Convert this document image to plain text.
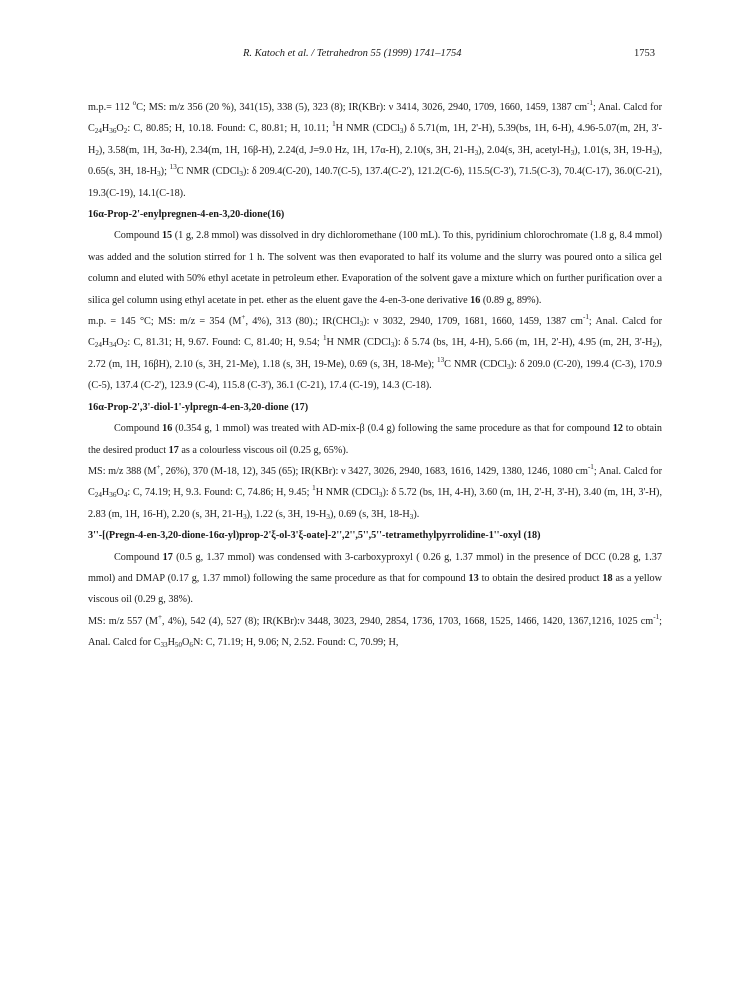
R. Katoch et al. / Tetrahedron 55 (1999) 1741–1754	1753

m.p.= 112 $^o$C; MS: m/z 356 (20 %), 341(15), 338 (5), 323 (8); IR(KBr): ν 3414, 3026, 2940, 1709, 1660, 1459, 1387 $cm^{-1}$; Anal. Calcd for $C_{24}H_{36}O_2$: C, 80.85; H, 10.18. Found: C, 80.81; H, 10.11; $^1$H NMR (CDCl$_3$) δ 5.71(m, 1H, 2'-H), 5.39(bs, 1H, 6-H), 4.96-5.07(m, 2H, $3'-H_2$), 3.58(m, 1H, 3α-H), 2.34(m, 1H, 16β-H), 2.24(d, J=9.0 Hz, 1H, 17α-H), 2.10(s, 3H, $21-H_3$), 2.04(s, 3H, acetyl-$H_3$), 1.01(s, 3H, $19-H_3$), 0.65(s, 3H, $18-H_3$); $^{13}$C NMR (CDCl$_3$): δ 209.4(C-20), 140.7(C-5), 137.4(C-2'), 121.2(C-6), 115.5(C-3'), 71.5(C-3), 70.4(C-17), 36.0(C-21), 19.3(C-19), 14.1(C-18).

16α-Prop-2'-enylpregnen-4-en-3,20-dione(16)

Compound 15 (1 g, 2.8 mmol) was dissolved in dry dichloromethane (100 mL). To this, pyridinium chlorochromate (1.8 g, 8.4 mmol) was added and the solution stirred for 1 h. The solvent was then evaporated to half its volume and the slurry was poured onto a silica gel column and eluted with 50% ethyl acetate in petroleum ether. Evaporation of the solvent gave a mixture which on further purification over a silica gel column using ethyl acetate in pet. ether as the eluent gave the 4-en-3-one derivative 16 (0.89 g, 89%).

m.p. = 145 °C; MS: m/z = 354 (M+, 4%), 313 (80).; IR(CHCl$_3$): ν 3032, 2940, 1709, 1681, 1660, 1459, 1387 $cm^{-1}$; Anal. Calcd for $C_{24}H_{34}O_2$: C, 81.31; H, 9.67. Found: C, 81.40; H, 9.54; $^1$H NMR (CDCl$_3$): δ 5.74 (bs, 1H, 4-H), 5.66 (m, 1H, 2'-H), 4.95 (m, 2H, $3'-H_2$), 2.72 (m, 1H, 16βH), 2.10 (s, 3H, 21-Me), 1.18 (s, 3H, 19-Me), 0.69 (s, 3H, 18-Me); $^{13}$C NMR (CDCl$_3$): δ 209.0 (C-20), 199.4 (C-3), 170.9 (C-5), 137.4 (C-2'), 123.9 (C-4), 115.8 (C-3'), 36.1 (C-21), 17.4 (C-19), 14.3 (C-18).

16α-Prop-2',3'-diol-1'-ylpregn-4-en-3,20-dione (17)

Compound 16 (0.354 g, 1 mmol) was treated with AD-mix-β (0.4 g) following the same procedure as that for compound 12 to obtain the desired product 17 as a colourless viscous oil (0.25 g, 65%).

MS: m/z 388 (M+, 26%), 370 (M-18, 12), 345 (65); IR(KBr): ν 3427, 3026, 2940, 1683, 1616, 1429, 1380, 1246, 1080 $cm^{-1}$; Anal. Calcd for $C_{24}H_{36}O_4$: C, 74.19; H, 9.3. Found: C, 74.86; H, 9.45; $^1$H NMR (CDCl$_3$): δ 5.72 (bs, 1H, 4-H), 3.60 (m, 1H, 2'-H, 3'-H), 3.40 (m, 1H, 3'-H), 2.83 (m, 1H, 16-H), 2.20 (s, 3H, $21-H_3$), 1.22 (s, 3H, $19-H_3$), 0.69 (s, 3H, $18-H_3$).

3''-[(Pregn-4-en-3,20-dione-16α-yl)prop-2'ξ-ol-3'ξ-oate]-2'',2'',5'',5''-tetramethylpyrrolidine-1''-oxyl (18)

Compound 17 (0.5 g, 1.37 mmol) was condensed with 3-carboxyproxyl ( 0.26 g, 1.37 mmol) in the presence of DCC (0.28 g, 1.37 mmol) and DMAP (0.17 g, 1.37 mmol) following the same procedure as that for compound 13 to obtain the desired product 18 as a yellow viscous oil (0.29 g, 38%).

MS: m/z 557 (M+, 4%), 542 (4), 527 (8); IR(KBr):ν 3448, 3023, 2940, 2854, 1736, 1703, 1668, 1525, 1466, 1420, 1367,1216, 1025 $cm^{-1}$; Anal. Calcd for $C_{33}H_{50}O_6N$: C, 71.19; H, 9.06; N, 2.52. Found: C, 70.99; H,
